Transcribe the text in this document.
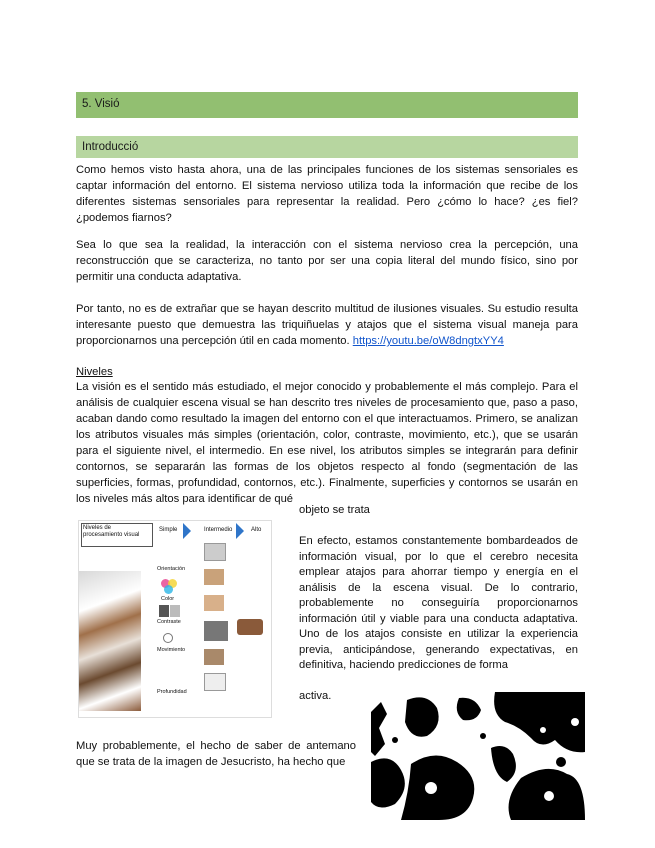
5. Visió
Introducció
Como hemos visto hasta ahora, una de las principales funciones de los sistemas sensoriales es captar información del entorno. El sistema nervioso utiliza toda la información que recibe de los diferentes sistemas sensoriales para representar la realidad. Pero ¿cómo lo hace? ¿es fiel? ¿podemos fiarnos?
Sea lo que sea la realidad, la interacción con el sistema nervioso crea la percepción, una reconstrucción que se caracteriza, no tanto por ser una copia literal del mundo físico, sino por permitir una conducta adaptativa.
Por tanto, no es de extrañar que se hayan descrito multitud de ilusiones visuales. Su estudio resulta interesante puesto que demuestra las triquiñuelas y atajos que el sistema visual maneja para proporcionarnos una percepción útil en cada momento. https://youtu.be/oW8dngtxYY4
Niveles
La visión es el sentido más estudiado, el mejor conocido y probablemente el más complejo. Para el análisis de cualquier escena visual se han descrito tres niveles de procesamiento que, paso a paso, acaban dando como resultado la imagen del entorno con el que interactuamos. Primero, se analizan los atributos visuales más simples (orientación, color, contraste, movimiento, etc.), que se usarán para el siguiente nivel, el intermedio. En ese nivel, los atributos simples se integrarán para definir contornos, se separarán las formas de los objetos respecto al fondo (segmentación de las superficies, formas, profundidad, contornos, etc.). Finalmente, superficies y contornos se usarán en los niveles más altos para identificar de qué
objeto se trata
En efecto, estamos constantemente bombardeados de información visual, por lo que el cerebro necesita emplear atajos para ahorrar tiempo y energía en el análisis de la escena visual. De lo contrario, probablemente no conseguiría proporcionarnos información útil y viable para una conducta adaptativa. Uno de los atajos consiste en utilizar la experiencia previa, anticipándose, generando expectativas, en definitiva, haciendo predicciones de forma
activa.
Muy probablemente, el hecho de saber de antemano que se trata de la imagen de Jesucristo, ha hecho que
Niveles de procesamiento visual
Simple	Intermedio	Alto
Orientación
Color
Contraste
Movimiento
Profundidad
